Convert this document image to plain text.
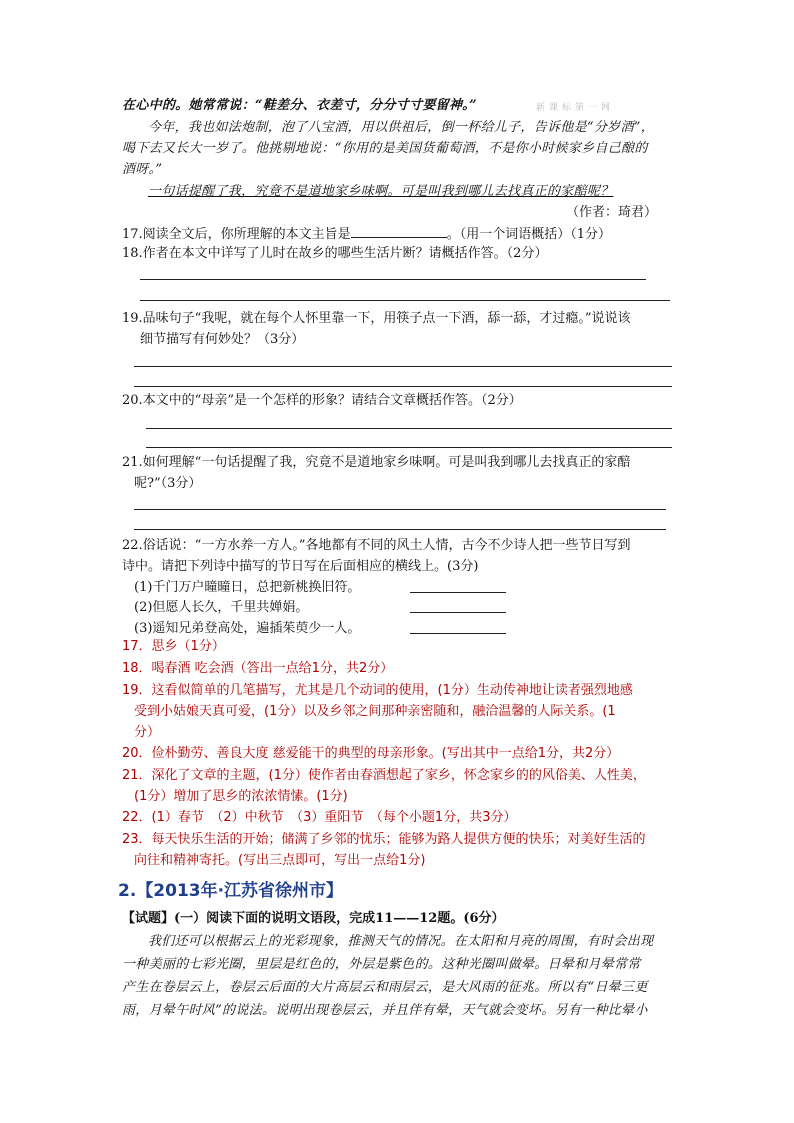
在心中的。她常常说：“鞋差分、衣差寸，分分寸寸要留神。”	新课标第一网
今年，我也如法炮制，泡了八宝酒，用以供祖后，倒一杯给儿子，告诉他是“分岁酒”，
喝下去又长大一岁了。他挑剔地说：“你用的是美国货葡萄酒，不是你小时候家乡自己酿的
酒呀。”
一句话提醒了我，究竟不是道地家乡味啊。可是叫我到哪儿去找真正的家醅呢？
（作者：琦君）
17.阅读全文后，你所理解的本文主旨是	。（用一个词语概括）（1分）
18.作者在本文中详写了儿时在故乡的哪些生活片断？请概括作答。（2分）
19.品味句子“我呢，就在每个人怀里靠一下，用筷子点一下酒，舔一舔，才过瘾。”说说该
细节描写有何妙处？（3分）
20.本文中的“母亲”是一个怎样的形象？请结合文章概括作答。（2分）
21.如何理解“一句话提醒了我，究竟不是道地家乡味啊。可是叫我到哪儿去找真正的家醅
呢?”（3分）
22.俗话说：“一方水养一方人。”各地都有不同的风土人情，古今不少诗人把一些节日写到
诗中。请把下列诗中描写的节日写在后面相应的横线上。(3分)
(1)千门万户曈曈日，总把新桃换旧符。
(2)但愿人长久，千里共婵娟。
(3)遥知兄弟登高处，遍插茱萸少一人。
17．思乡（1分）
18．喝春酒 吃会酒（答出一点给1分，共2分）
19．这看似简单的几笔描写，尤其是几个动词的使用，(1分）生动传神地让读者强烈地感
受到小姑娘天真可爱，(1分）以及乡邻之间那种亲密随和，融洽温馨的人际关系。(1
分）
20．俭朴勤劳、善良大度 慈爱能干的典型的母亲形象。(写出其中一点给1分，共2分）
21．深化了文章的主题，(1分）使作者由春酒想起了家乡，怀念家乡的的风俗美、人性美，
(1分）增加了思乡的浓浓情愫。(1分)
22．(1）春节　（2）中秋节　（3）重阳节　（每个小题1分，共3分）
23．每天快乐生活的开始；储满了乡邻的忧乐；能够为路人提供方便的快乐；对美好生活的
向往和精神寄托。(写出三点即可，写出一点给1分)
2.【2013年·江苏省徐州市】
【试题】(一）阅读下面的说明文语段，完成11——12题。(6分）
我们还可以根据云上的光彩现象，推测天气的情况。在太阳和月亮的周围，有时会出现
一种美丽的七彩光圈，里层是红色的，外层是紫色的。这种光圈叫做晕。日晕和月晕常常
产生在卷层云上，卷层云后面的大片高层云和雨层云，是大风雨的征兆。所以有“日晕三更
雨，月晕午时风”的说法。说明出现卷层云，并且伴有晕，天气就会变坏。另有一种比晕小
